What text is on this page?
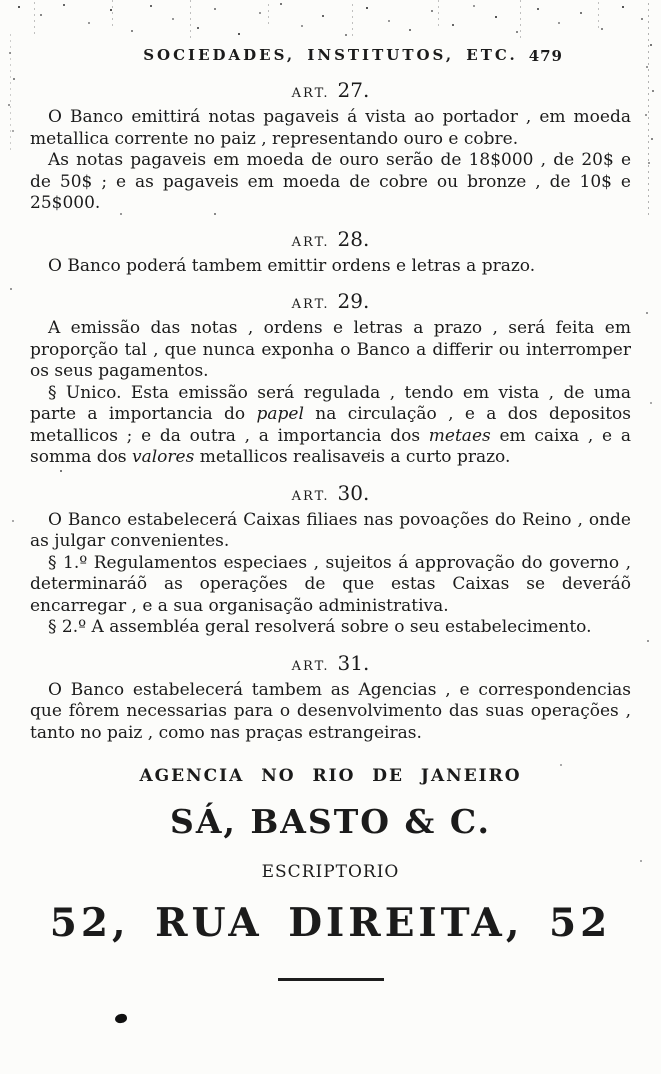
SOCIEDADES, INSTITUTOS, ETC. 479
ART. 27.

O Banco emittirá notas pagaveis á vista ao portador , em moeda metallica corrente no paiz , representando ouro e cobre.

As notas pagaveis em moeda de ouro serão de 18$000 , de 20$ e de 50$ ; e as pagaveis em moeda de cobre ou bronze , de 10$ e 25$000.

ART. 28.

O Banco poderá tambem emittir ordens e letras a prazo.

ART. 29.

A emissão das notas , ordens e letras a prazo , será feita em proporção tal , que nunca exponha o Banco a differir ou interromper os seus pagamentos.

§ Unico. Esta emissão será regulada , tendo em vista , de uma parte a importancia do papel na circulação , e a dos depositos metallicos ; e da outra , a importancia dos metaes em caixa , e a somma dos valores metallicos realisaveis a curto prazo.

ART. 30.

O Banco estabelecerá Caixas filiaes nas povoações do Reino , onde as julgar convenientes.

§ 1.º Regulamentos especiaes , sujeitos á approvação do governo , determinaráõ as operações de que estas Caixas se deveráõ encarregar , e a sua organisação administrativa.

§ 2.º A assembléa geral resolverá sobre o seu estabelecimento.

ART. 31.

O Banco estabelecerá tambem as Agencias , e correspondencias que fôrem necessarias para o desenvolvimento das suas operações , tanto no paiz , como nas praças estrangeiras.

AGENCIA NO RIO DE JANEIRO
SÁ, BASTO & C.
ESCRIPTORIO
52, RUA DIREITA, 52
